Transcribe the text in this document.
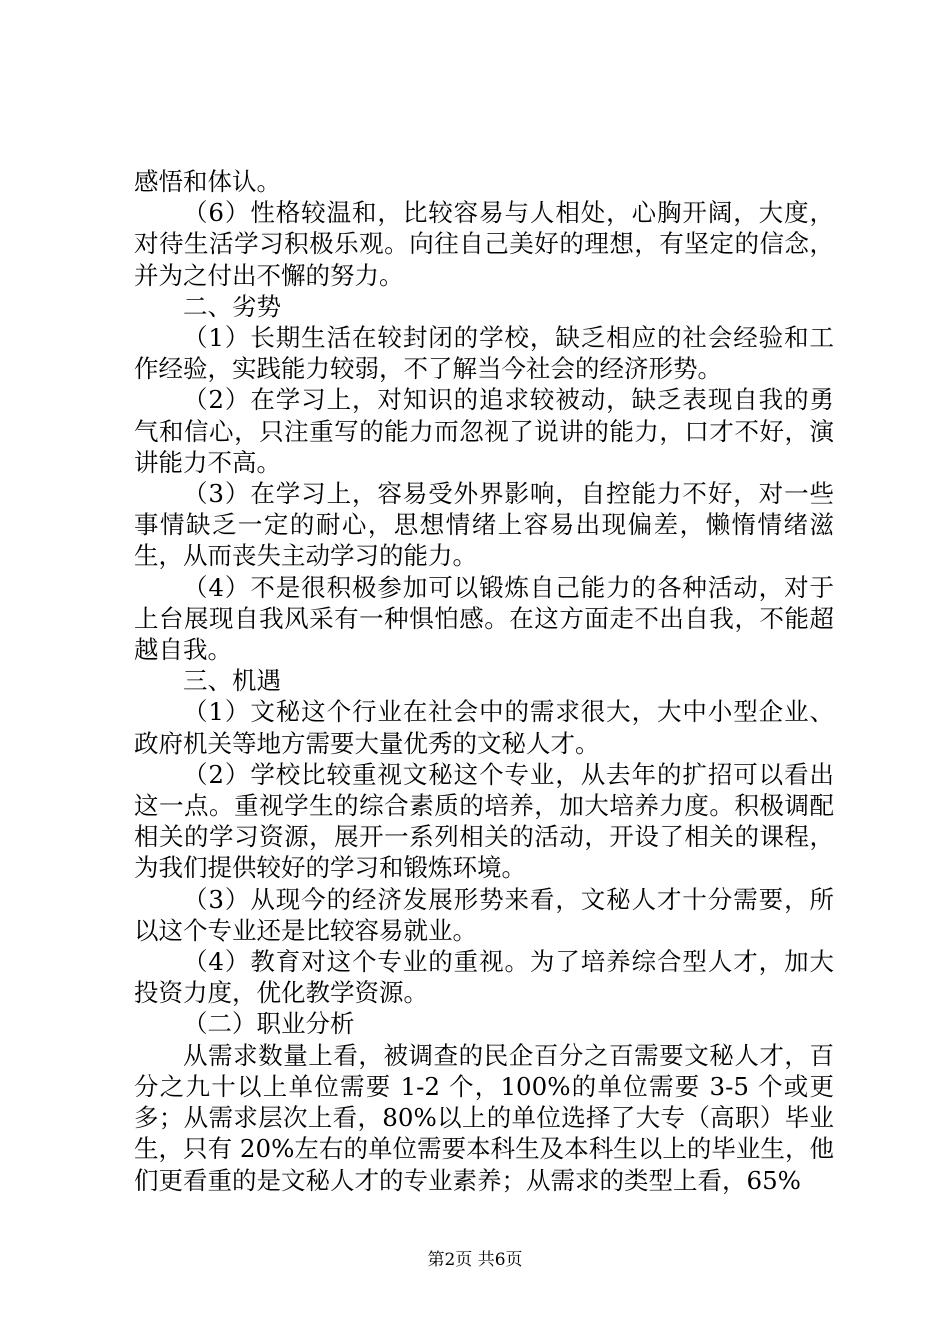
感悟和体认。

（6）性格较温和，比较容易与人相处，心胸开阔，大度，对待生活学习积极乐观。向往自己美好的理想，有坚定的信念，并为之付出不懈的努力。

二、劣势

（1）长期生活在较封闭的学校，缺乏相应的社会经验和工作经验，实践能力较弱，不了解当今社会的经济形势。

（2）在学习上，对知识的追求较被动，缺乏表现自我的勇气和信心，只注重写的能力而忽视了说讲的能力，口才不好，演讲能力不高。

（3）在学习上，容易受外界影响，自控能力不好，对一些事情缺乏一定的耐心，思想情绪上容易出现偏差，懒惰情绪滋生，从而丧失主动学习的能力。

（4）不是很积极参加可以锻炼自己能力的各种活动，对于上台展现自我风采有一种惧怕感。在这方面走不出自我，不能超越自我。

三、机遇

（1）文秘这个行业在社会中的需求很大，大中小型企业、政府机关等地方需要大量优秀的文秘人才。

（2）学校比较重视文秘这个专业，从去年的扩招可以看出这一点。重视学生的综合素质的培养，加大培养力度。积极调配相关的学习资源，展开一系列相关的活动，开设了相关的课程，为我们提供较好的学习和锻炼环境。

（3）从现今的经济发展形势来看，文秘人才十分需要，所以这个专业还是比较容易就业。

（4）教育对这个专业的重视。为了培养综合型人才，加大投资力度，优化教学资源。

（二）职业分析

从需求数量上看，被调查的民企百分之百需要文秘人才，百分之九十以上单位需要 1-2 个，100%的单位需要 3-5 个或更多；从需求层次上看，80%以上的单位选择了大专（高职）毕业生，只有 20%左右的单位需要本科生及本科生以上的毕业生，他们更看重的是文秘人才的专业素养；从需求的类型上看，65%

第2页 共6页
